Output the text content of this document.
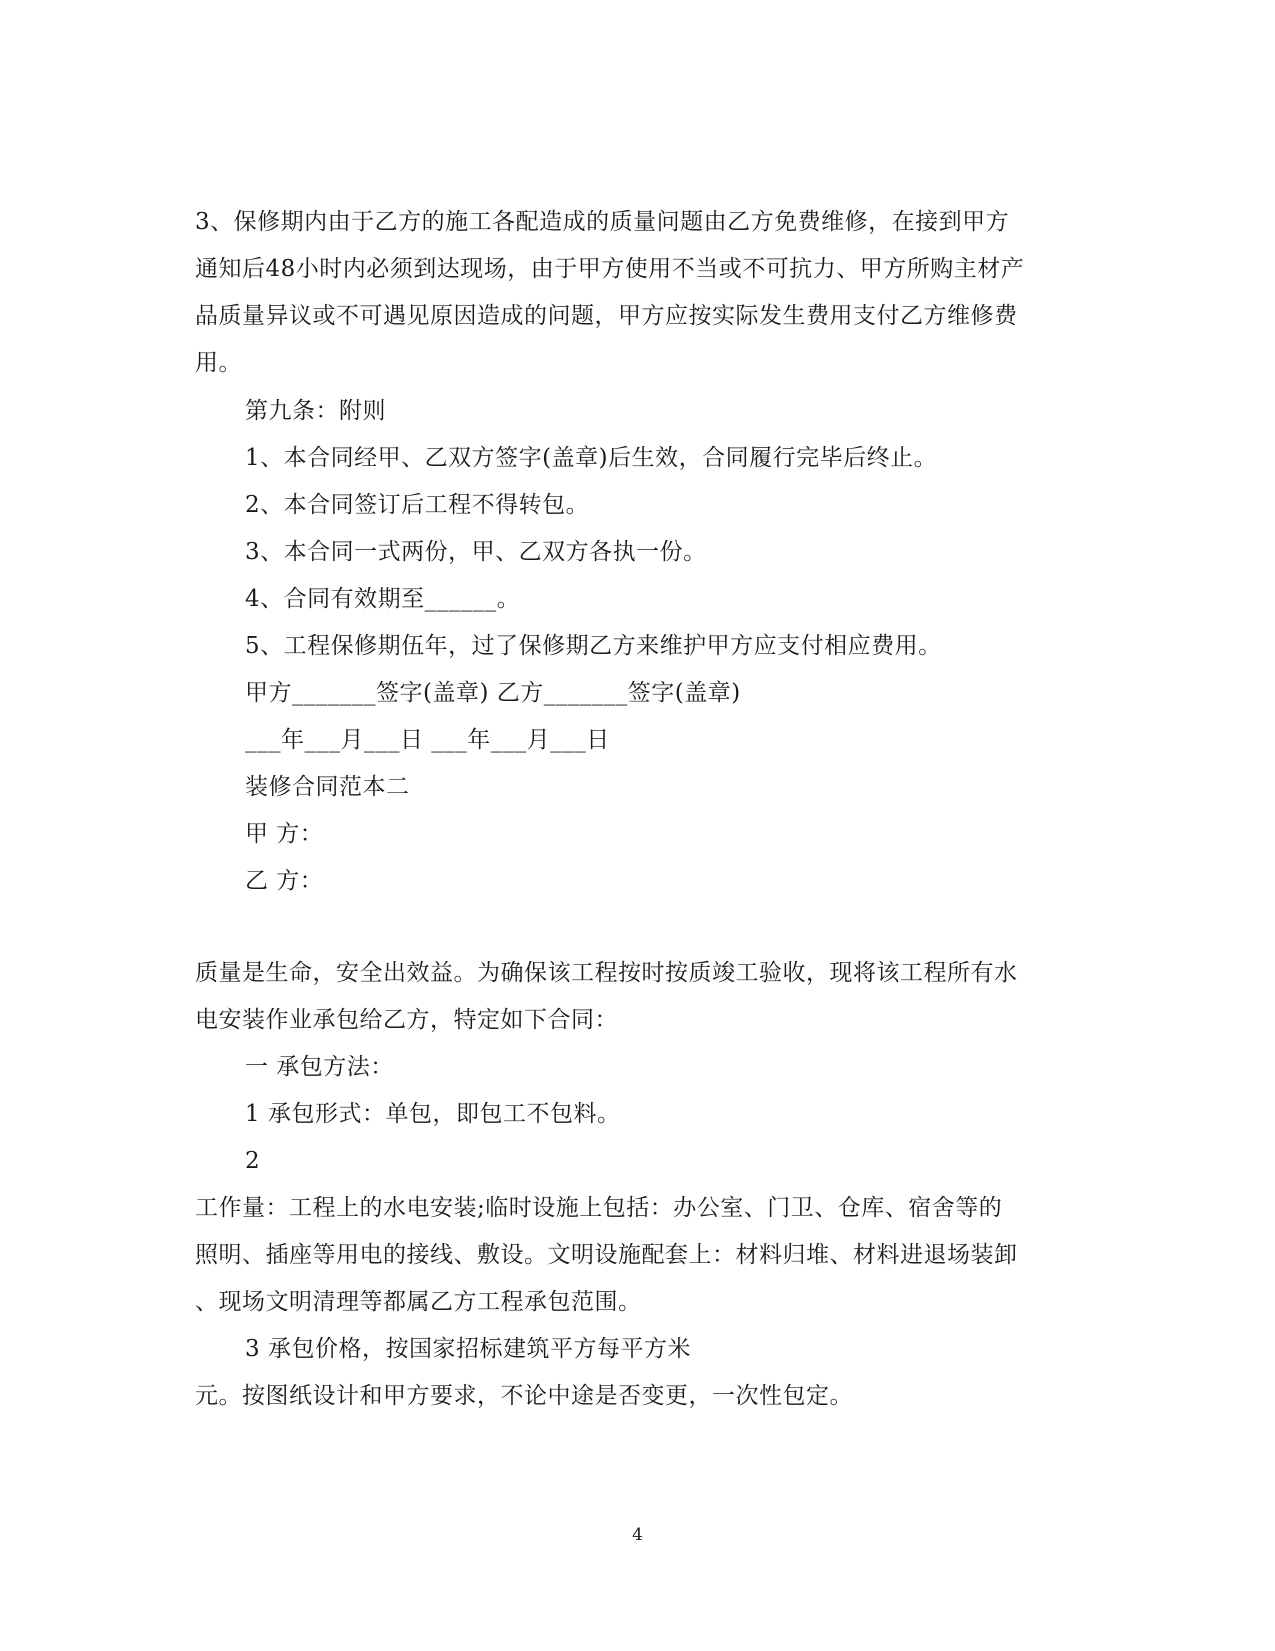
3、保修期内由于乙方的施工各配造成的质量问题由乙方免费维修，在接到甲方
通知后48小时内必须到达现场，由于甲方使用不当或不可抗力、甲方所购主材产
品质量异议或不可遇见原因造成的问题，甲方应按实际发生费用支付乙方维修费
用。
第九条：附则
1、本合同经甲、乙双方签字(盖章)后生效，合同履行完毕后终止。
2、本合同签订后工程不得转包。
3、本合同一式两份，甲、乙双方各执一份。
4、合同有效期至______。
5、工程保修期伍年，过了保修期乙方来维护甲方应支付相应费用。
甲方_______签字(盖章) 乙方_______签字(盖章)
___年___月___日 ___年___月___日
装修合同范本二
甲 方：
乙 方：
质量是生命，安全出效益。为确保该工程按时按质竣工验收，现将该工程所有水
电安装作业承包给乙方，特定如下合同：
一 承包方法：
1 承包形式：单包，即包工不包料。
2
工作量：工程上的水电安装;临时设施上包括：办公室、门卫、仓库、宿舍等的
照明、插座等用电的接线、敷设。文明设施配套上：材料归堆、材料进退场装卸
、现场文明清理等都属乙方工程承包范围。
3 承包价格，按国家招标建筑平方每平方米
元。按图纸设计和甲方要求，不论中途是否变更，一次性包定。
4
